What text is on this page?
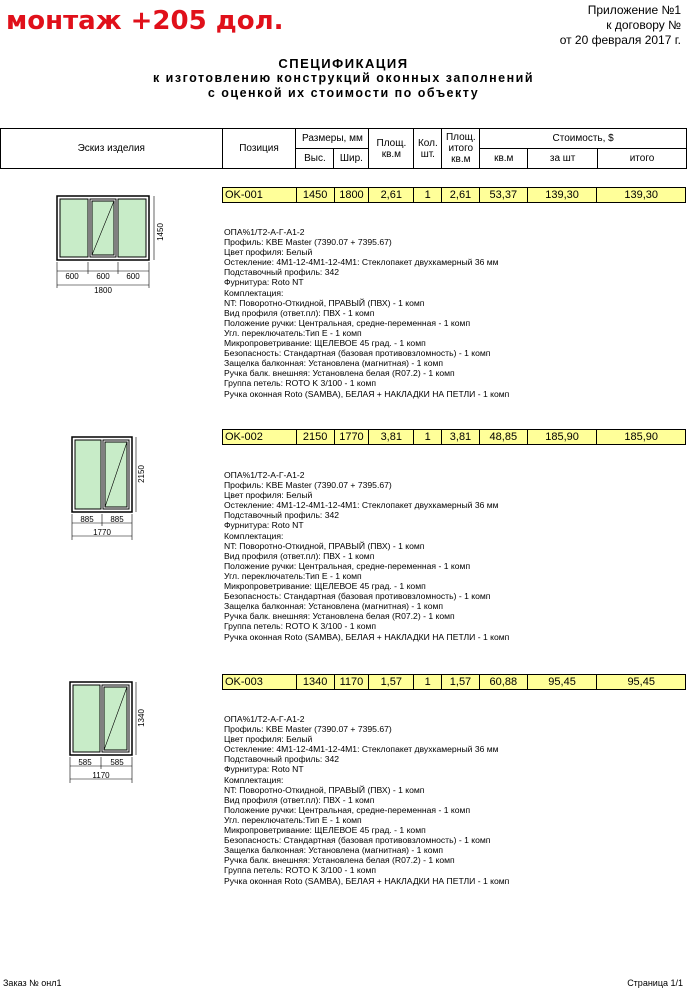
монтаж +205 дол.	Приложение №1
к договору №
от 20 февраля 2017 г.
СПЕЦИФИКАЦИЯ
к изготовлению конструкций оконных заполнений
с оценкой их стоимости по объекту
Эскиз изделия	Позиция	Размеры, мм		Площ. кв.м	Кол. шт.	Площ. итого кв.м	Стоимость, $		
		Выс.	Шир.				кв.м	за шт	итого
OK-001	1450	1800	2,61	1	2,61	53,37	139,30	139,30
ОПА%1/Т2-А-Г-А1-2
Профиль: KBE Master (7390.07 + 7395.67)
Цвет профиля: Белый
Остекление: 4М1-12-4М1-12-4М1: Стеклопакет двухкамерный 36 мм
Подставочный профиль: 342
Фурнитура: Roto NT
Комплектация:
NT: Поворотно-Откидной, ПРАВЫЙ (ПВХ) - 1 комп
Вид профиля (ответ.пл): ПВХ - 1 комп
Положение ручки: Центральная, средне-переменная - 1 комп
Угл. переключатель:Тип Е - 1 комп
Микропроветривание: ЩЕЛЕВОЕ 45 град. - 1 комп
Безопасность: Стандартная (базовая противовзломность) - 1 комп
Защелка балконная: Установлена (магнитная) - 1 комп
Ручка балк. внешняя: Установлена белая (R07.2) - 1 комп
Группа петель: ROTO K 3/100 - 1 комп
Ручка оконная Roto (SAMBA), БЕЛАЯ + НАКЛАДКИ НА ПЕТЛИ - 1 комп
1450
600 600 600
1800
OK-002	2150	1770	3,81	1	3,81	48,85	185,90	185,90
ОПА%1/Т2-А-Г-А1-2
Профиль: KBE Master (7390.07 + 7395.67)
Цвет профиля: Белый
Остекление: 4М1-12-4М1-12-4М1: Стеклопакет двухкамерный 36 мм
Подставочный профиль: 342
Фурнитура: Roto NT
Комплектация:
NT: Поворотно-Откидной, ПРАВЫЙ (ПВХ) - 1 комп
Вид профиля (ответ.пл): ПВХ - 1 комп
Положение ручки: Центральная, средне-переменная - 1 комп
Угл. переключатель:Тип Е - 1 комп
Микропроветривание: ЩЕЛЕВОЕ 45 град. - 1 комп
Безопасность: Стандартная (базовая противовзломность) - 1 комп
Защелка балконная: Установлена (магнитная) - 1 комп
Ручка балк. внешняя: Установлена белая (R07.2) - 1 комп
Группа петель: ROTO K 3/100 - 1 комп
Ручка оконная Roto (SAMBA), БЕЛАЯ + НАКЛАДКИ НА ПЕТЛИ - 1 комп
2150
885 885
1770
OK-003	1340	1170	1,57	1	1,57	60,88	95,45	95,45
ОПА%1/Т2-А-Г-А1-2
Профиль: KBE Master (7390.07 + 7395.67)
Цвет профиля: Белый
Остекление: 4М1-12-4М1-12-4М1: Стеклопакет двухкамерный 36 мм
Подставочный профиль: 342
Фурнитура: Roto NT
Комплектация:
NT: Поворотно-Откидной, ПРАВЫЙ (ПВХ) - 1 комп
Вид профиля (ответ.пл): ПВХ - 1 комп
Положение ручки: Центральная, средне-переменная - 1 комп
Угл. переключатель:Тип Е - 1 комп
Микропроветривание: ЩЕЛЕВОЕ 45 град. - 1 комп
Безопасность: Стандартная (базовая противовзломность) - 1 комп
Защелка балконная: Установлена (магнитная) - 1 комп
Ручка балк. внешняя: Установлена белая (R07.2) - 1 комп
Группа петель: ROTO K 3/100 - 1 комп
Ручка оконная Roto (SAMBA), БЕЛАЯ + НАКЛАДКИ НА ПЕТЛИ - 1 комп
1340
585 585
1170
Заказ № онл1	Страница 1/1
